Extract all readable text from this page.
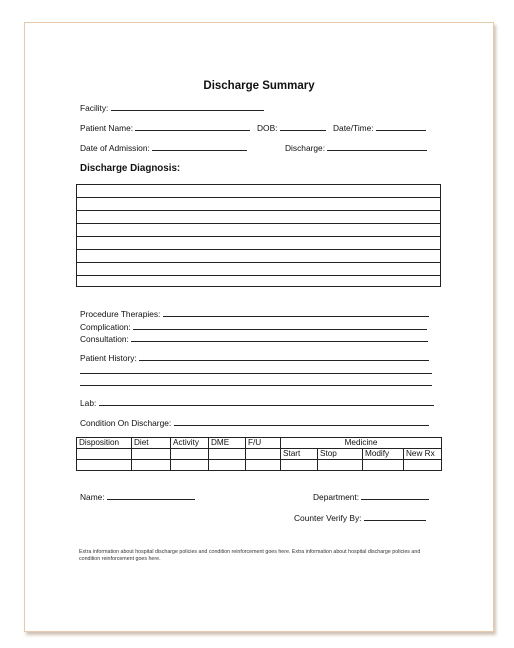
Discharge Summary
Facility:
Patient Name:	DOB:	Date/Time:
Date of Admission:	Discharge:
Discharge Diagnosis:
Procedure Therapies:
Complication:
Consultation:
Patient History:
Lab:
Condition On Discharge:
Disposition	Diet	Activity	DME	F/U	Medicine			
					Start	Stop	Modify	New Rx

Name:	Department:
Counter Verify By:
Extra information about hospital discharge policies and condition reinforcement goes here. Extra information about hospital discharge policies and condition reinforcement goes here.
